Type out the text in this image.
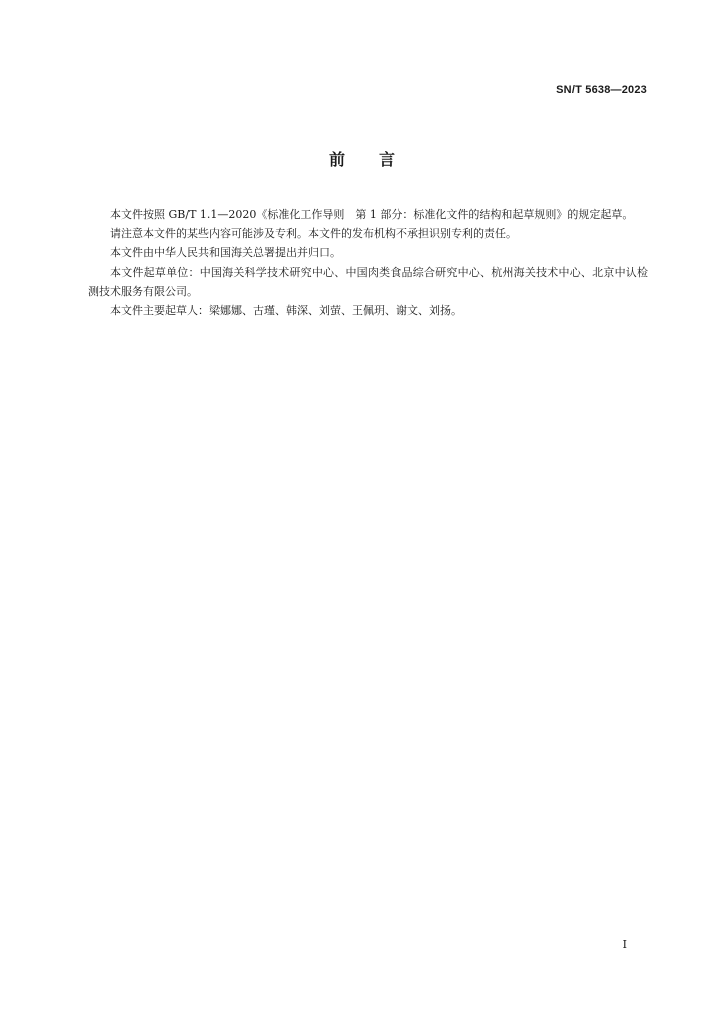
SN/T 5638—2023
前 言

本文件按照 GB/T 1.1—2020《标准化工作导则　第 1 部分：标准化文件的结构和起草规则》的规定起草。

请注意本文件的某些内容可能涉及专利。本文件的发布机构不承担识别专利的责任。

本文件由中华人民共和国海关总署提出并归口。

本文件起草单位：中国海关科学技术研究中心、中国肉类食品综合研究中心、杭州海关技术中心、北京中认检测技术服务有限公司。

本文件主要起草人：梁娜娜、古瑾、韩深、刘萤、王佩玥、谢文、刘扬。

I
